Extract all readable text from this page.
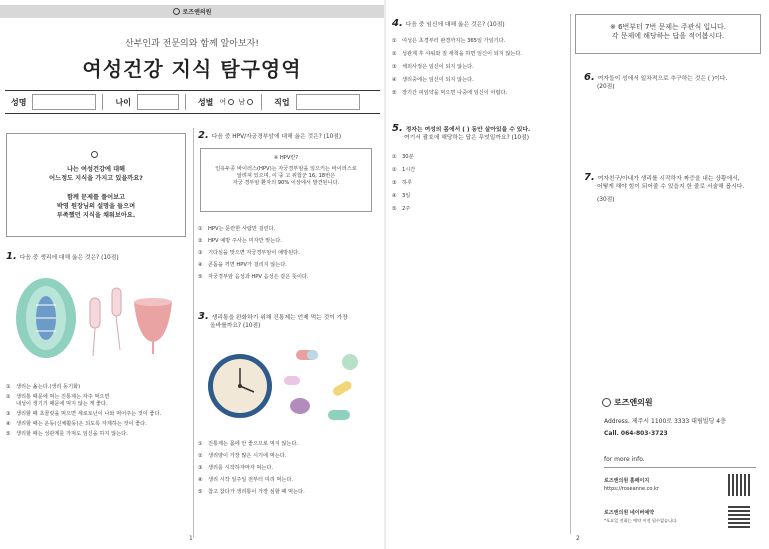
로즈앤의원
산부인과 전문의와 함께 알아보자!
여성건강 지식 탐구영역
성명	나이	성별 여 남	직업
나는 여성건강에 대해
어느정도 지식을 가지고 있을까요?
함께 문제를 풀어보고
박영 원장님의 설명을 들으며
부족했던 지식을 채워보아요.
1. 다음 중 생리에 대해 옳은 것은? (10점)
① 생리는 옮는다.(생리 동기화)
② 생리통 때문에 먹는 진통제는 자주 먹으면
내성이 생기기 때문에 먹지 않는 게 좋다.
③ 생리할 때 초콜릿을 먹으면 세로토닌이 나와 먹어주는 것이 좋다.
④ 생리할 때는 운동(신체활동)은 되도록 자제하는 것이 좋다.
⑤ 생리할 때는 성관계를 가져도 임신을 하지 않는다.
2. 다음 중 HPV/자궁경부암에 대해 옳은 것은? (10점)
※ HPV란?
인유두종 바이러스(HPV)는 자궁경부암을 일으키는 바이러스로
알려져 있으며, 이 중 고 위험군 16, 18번은
자궁 경부암 환자의 90% 이상에서 발견된니다.
① HPV는 문란한 사람만 걸린다.
② HPV 예방 주사는 미자만 맞는다.
③ 기다심을 맞으면 자궁경부암이 예방된다.
④ 콘돔을 끼면 HPV가 걸리지 않는다.
⑤ 자궁경부암 음성과 HPV 음성은 같은 뜻이다.
3. 생리통을 완화하기 위해 진통제는 언제 먹는 것이 가장
올바를까요? (10점)
① 진통제는 몸에 안 좋으므로 먹지 않는다.
② 생리양이 가장 많은 시기에 먹는다.
③ 생리를 시작하자마자 먹는다.
④ 생리 시작 일주일 전부터 미리 먹는다.
⑤ 참고 참다가 생리통이 가장 심할 때 먹는다.
1
4. 다음 중 임신에 대해 옳은 것은? (10점)
① 여성은 초경부터 완경까지는 365일 가임기다.
② 성관계 후 샤워와 질 세척을 하면 임신이 되지 않는다.
③ 체외사정은 임신이 되지 않는다.
④ 생리중에는 임신이 되지 않는다.
⑤ 장기간 피임약을 먹으면 나중에 임신이 어렵다.
5. 정자는 여성의 몸에서 ( ) 동안 살아있을 수 있다.
여기서 괄호에 해당하는 답은 무엇일까요? (10점)
① 30분
② 1시간
③ 하루
④ 3일
⑤ 2주
※ 6번부터 7번 문제는 주관식 입니다.
각 문제에 해당하는 답을 적어봅시다.
6. 여자들이 성에서 일차적으로 추구하는 것은 ( )이다.
(20점)
7. 여자친구/아내가 생리를 시작하자 짜증을 내는 상황에서,
어떻게 해야 힘이 되어줄 수 있을지 한 줄로 서술해 봅시다.
(30점)
로즈앤의원
Address. 제주시 1100로 3333 대림빌딩 4층
Call. 064-803-3723
for more info.
로즈앤의원 홈페이지
https://roseanne.co.kr
로즈앤의원 네이버예약
*포요일 전화는 예약 이전 될수없습니다.
2
